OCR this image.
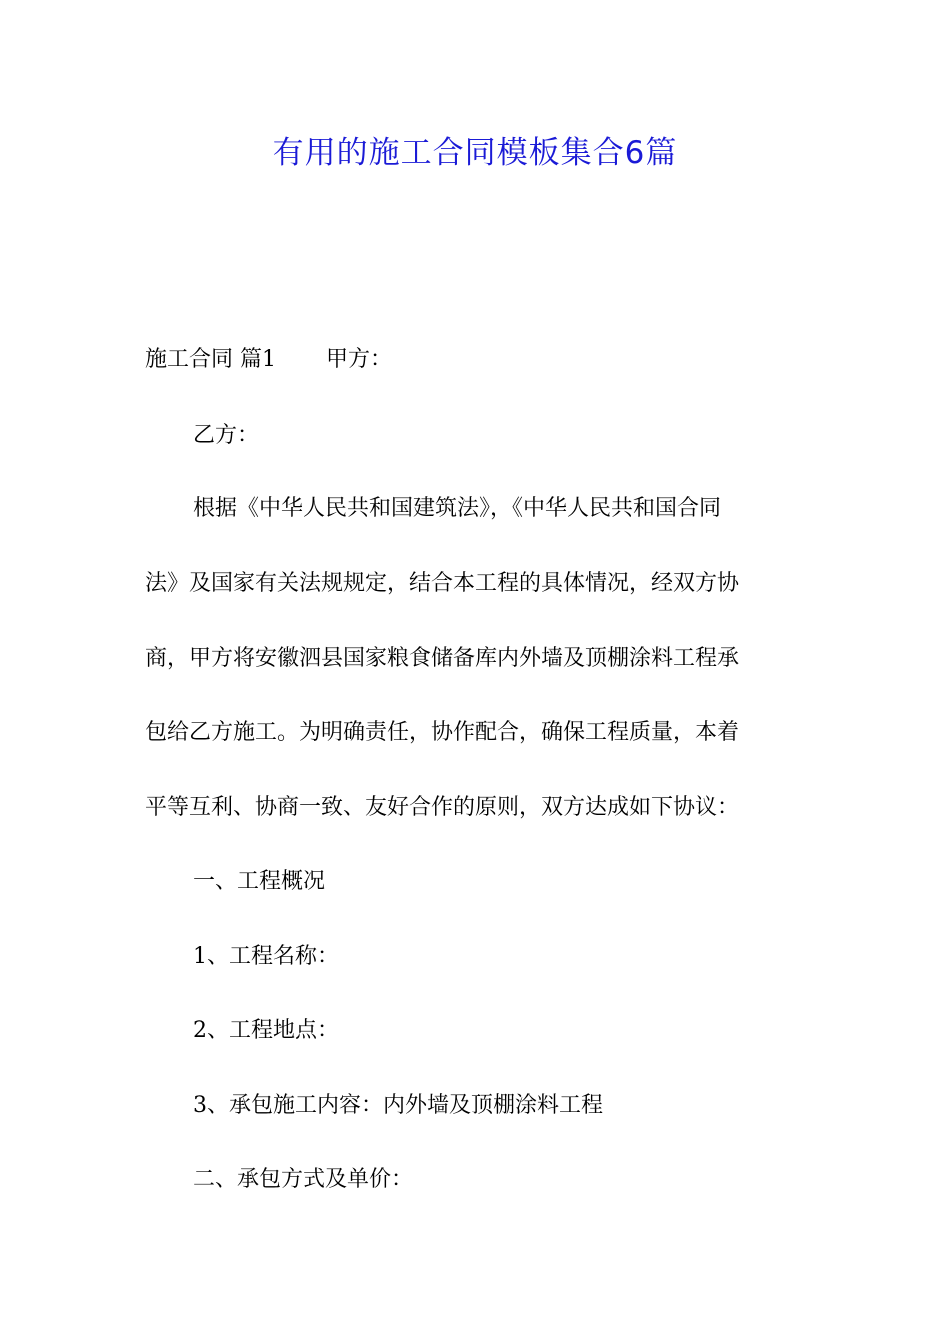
有用的施工合同模板集合6篇

施工合同 篇1 甲方：

乙方：

根据《中华人民共和国建筑法》，《中华人民共和国合同

法》及国家有关法规规定，结合本工程的具体情况，经双方协

商，甲方将安徽泗县国家粮食储备库内外墙及顶棚涂料工程承

包给乙方施工。为明确责任，协作配合，确保工程质量，本着

平等互利、协商一致、友好合作的原则，双方达成如下协议：

一、工程概况

1、工程名称：

2、工程地点：

3、承包施工内容：内外墙及顶棚涂料工程

二、承包方式及单价：
